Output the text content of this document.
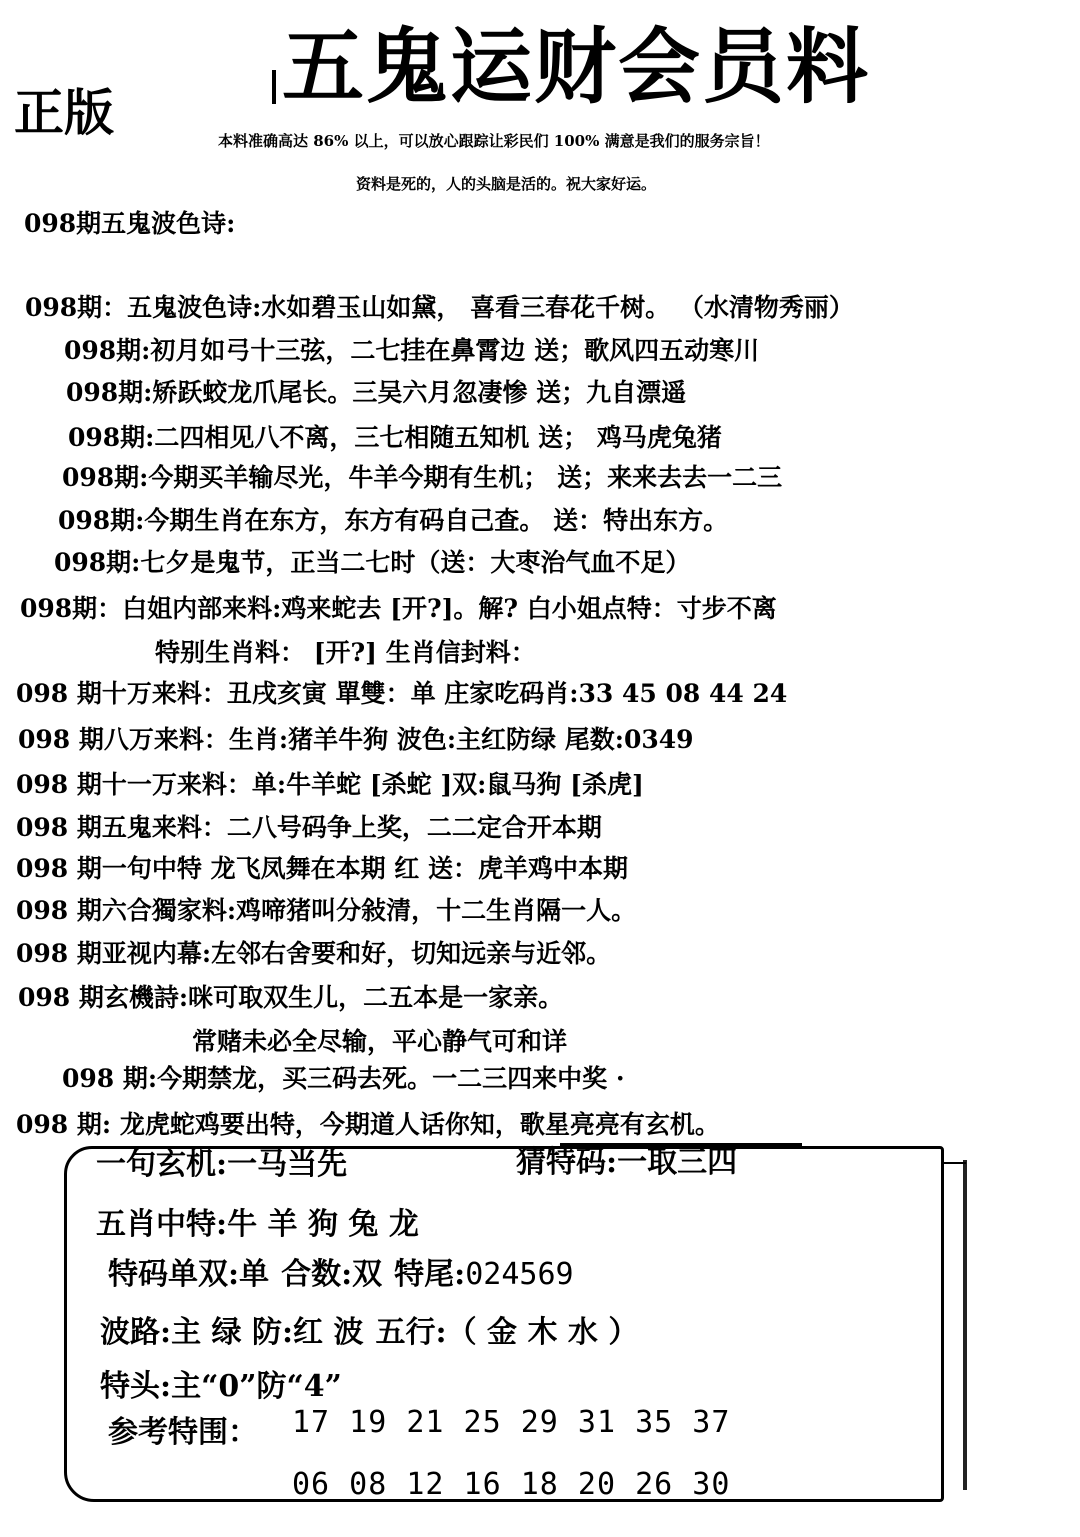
五鬼运财会员料
正版	本料准确高达 86% 以上，可以放心跟踪让彩民们 100% 满意是我们的服务宗旨！
资料是死的，人的头脑是活的。祝大家好运。
098期五鬼波色诗:
098期：五鬼波色诗:水如碧玉山如黛， 喜看三春花千树。 （水清物秀丽）
098期:初月如弓十三弦，二七挂在鼻霄边 送；歌风四五动寒川
098期:矫跃蛟龙爪尾长。三吴六月忽凄惨 送；九自漂遥
098期:二四相见八不离，三七相随五知机 送； 鸡马虎兔猪
098期:今期买羊输尽光，牛羊今期有生机； 送；来来去去一二三
098期:今期生肖在东方，东方有码自己查。 送：特出东方。
098期:七夕是鬼节，正当二七时（送：大枣治气血不足）
098期：白姐内部来料:鸡来蛇去 [开?]。解? 白小姐点特：寸步不离
特别生肖料： [开?] 生肖信封料：
098 期十万来料：丑戌亥寅 單雙：单 庄家吃码肖:33 45 08 44 24
098 期八万来料：生肖:猪羊牛狗 波色:主红防绿 尾数:0349
098 期十一万来料：单:牛羊蛇 [杀蛇 ]双:鼠马狗 [杀虎]
098 期五鬼来料：二八号码争上奖，二二定合开本期
098 期一句中特 龙飞凤舞在本期 红 送：虎羊鸡中本期
098 期六合獨家料:鸡啼猪叫分敍清，十二生肖隔一人。
098 期亚视内幕:左邻右舍要和好，切知远亲与近邻。
098 期玄機詩:咪可取双生儿，二五本是一家亲。
常赌未必全尽输，平心静气可和详
098 期:今期禁龙，买三码去死。一二三四来中奖 ·
098 期: 龙虎蛇鸡要出特，今期道人话你知，歌星亮亮有玄机。
一句玄机:一马当先	猜特码:一取三四
五肖中特:牛 羊 狗 兔 龙
特码单双:单 合数:双 特尾:024569
波路:主 绿 防:红 波 五行:（ 金 木 水 ）
特头:主“0”防“4”
参考特围： 17 19 21 25 29 31 35 37
06 08 12 16 18 20 26 30
